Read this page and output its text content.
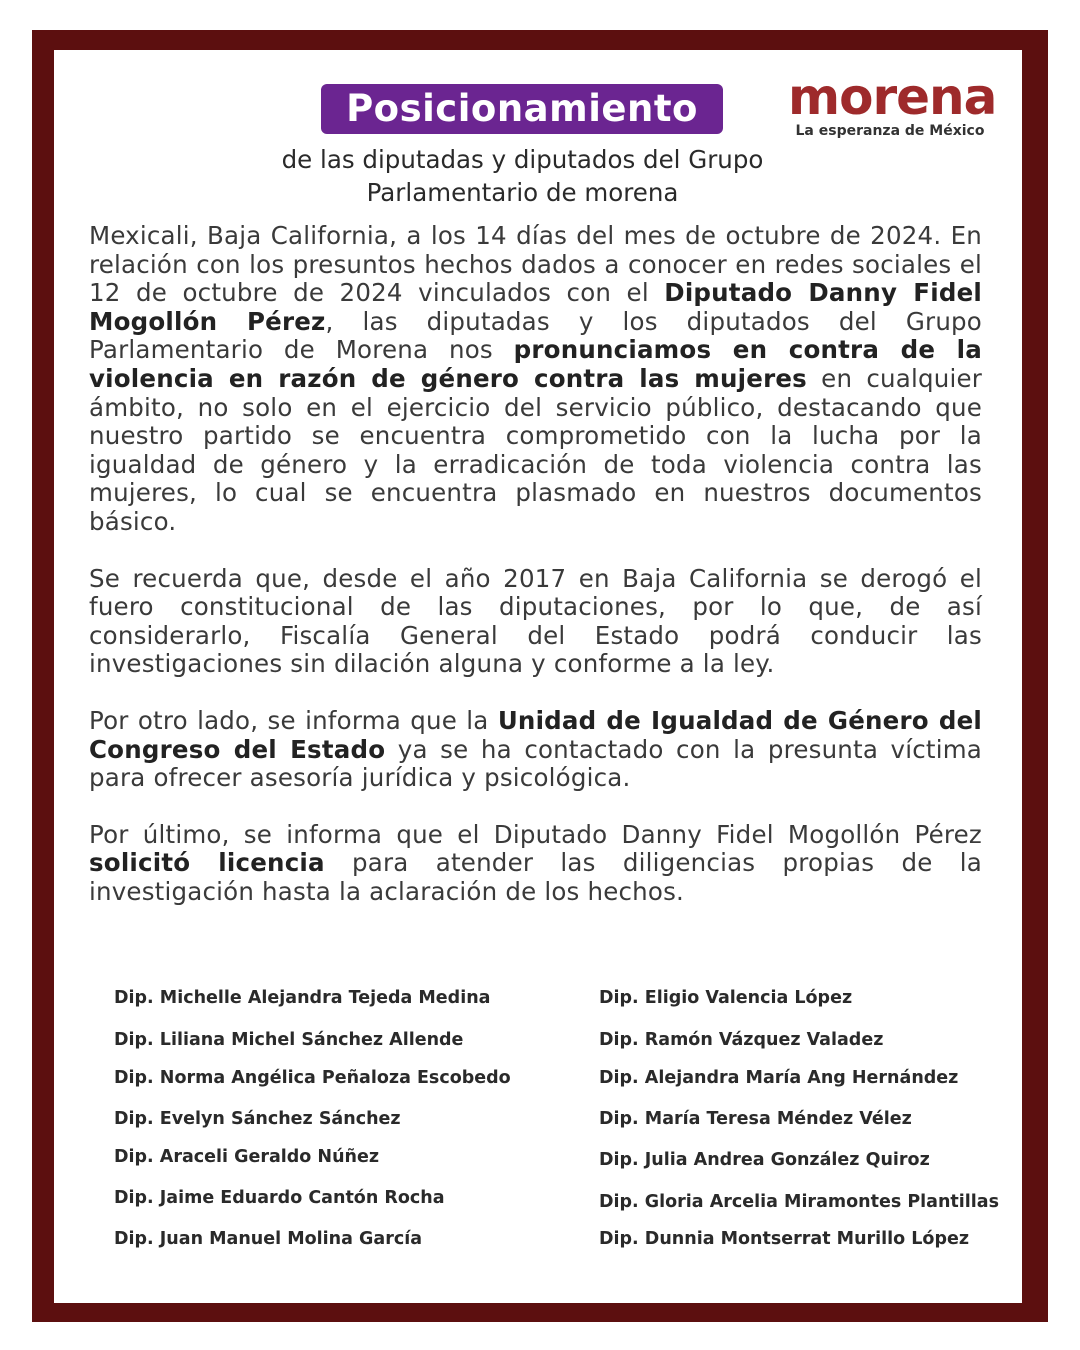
Posicionamiento	morena
La esperanza de México
de las diputadas y diputados del Grupo
Parlamentario de morena

Mexicali, Baja California, a los 14 días del mes de octubre de 2024. En relación con los presuntos hechos dados a conocer en redes sociales el 12 de octubre de 2024 vinculados con el Diputado Danny Fidel Mogollón Pérez, las diputadas y los diputados del Grupo Parlamentario de Morena nos pronunciamos en contra de la violencia en razón de género contra las mujeres en cualquier ámbito, no solo en el ejercicio del servicio público, destacando que nuestro partido se encuentra comprometido con la lucha por la igualdad de género y la erradicación de toda violencia contra las mujeres, lo cual se encuentra plasmado en nuestros documentos básico.

Se recuerda que, desde el año 2017 en Baja California se derogó el fuero constitucional de las diputaciones, por lo que, de así considerarlo, Fiscalía General del Estado podrá conducir las investigaciones sin dilación alguna y conforme a la ley.

Por otro lado, se informa que la Unidad de Igualdad de Género del Congreso del Estado ya se ha contactado con la presunta víctima para ofrecer asesoría jurídica y psicológica.

Por último, se informa que el Diputado Danny Fidel Mogollón Pérez solicitó licencia para atender las diligencias propias de la investigación hasta la aclaración de los hechos.

Dip. Michelle Alejandra Tejeda Medina
Dip. Liliana Michel Sánchez Allende
Dip. Norma Angélica Peñaloza Escobedo
Dip. Evelyn Sánchez Sánchez
Dip. Araceli Geraldo Núñez
Dip. Jaime Eduardo Cantón Rocha
Dip. Juan Manuel Molina García
Dip. Eligio Valencia López
Dip. Ramón Vázquez Valadez
Dip. Alejandra María Ang Hernández
Dip. María Teresa Méndez Vélez
Dip. Julia Andrea González Quiroz
Dip. Gloria Arcelia Miramontes Plantillas
Dip. Dunnia Montserrat Murillo López
